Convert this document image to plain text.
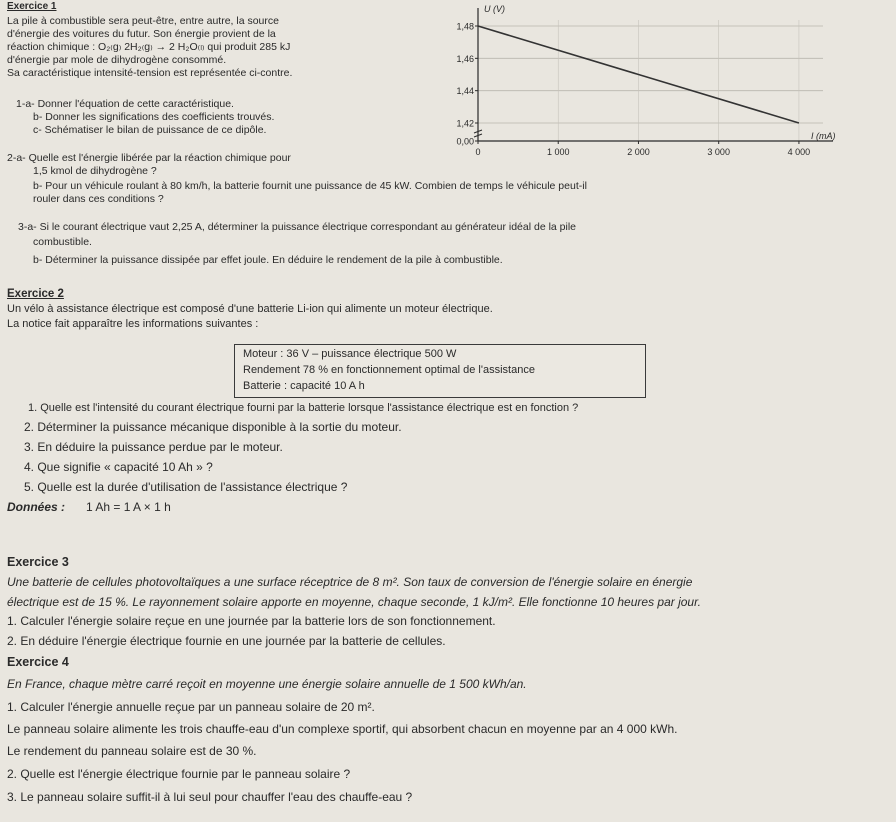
Exercice 1
La pile à combustible sera peut-être, entre autre, la source
d'énergie des voitures du futur. Son énergie provient de la
réaction chimique : O₂₍g₎ 2H₂₍g₎ → 2 H₂O₍ₗ₎ qui produit 285 kJ
d'énergie par mole de dihydrogène consommé.
Sa caractéristique intensité-tension est représentée ci-contre.
1-a- Donner l'équation de cette caractéristique.
b- Donner les significations des coefficients trouvés.
c- Schématiser le bilan de puissance de ce dipôle.
2-a- Quelle est l'énergie libérée par la réaction chimique pour
1,5 kmol de dihydrogène ?
b- Pour un véhicule roulant à 80 km/h, la batterie fournit une puissance de 45 kW. Combien de temps le véhicule peut-il
rouler dans ces conditions ?
3-a- Si le courant électrique vaut 2,25 A, déterminer la puissance électrique correspondant au générateur idéal de la pile
combustible.
b- Déterminer la puissance dissipée par effet joule. En déduire le rendement de la pile à combustible.
0,00
1,42
1,44
1,46
1,48
0	1 000	2 000	3 000	4 000
U (V)
I (mA)
Exercice 2
Un vélo à assistance électrique est composé d'une batterie Li-ion qui alimente un moteur électrique.
La notice fait apparaître les informations suivantes :
Moteur : 36 V – puissance électrique 500 W
Rendement 78 % en fonctionnement optimal de l'assistance
Batterie : capacité 10 A h
1. Quelle est l'intensité du courant électrique fourni par la batterie lorsque l'assistance électrique est en fonction ?
2. Déterminer la puissance mécanique disponible à la sortie du moteur.
3. En déduire la puissance perdue par le moteur.
4. Que signifie « capacité 10 Ah » ?
5. Quelle est la durée d'utilisation de l'assistance électrique ?
Données : 1 Ah = 1 A × 1 h
Exercice 3
Une batterie de cellules photovoltaïques a une surface réceptrice de 8 m². Son taux de conversion de l'énergie solaire en énergie
électrique est de 15 %. Le rayonnement solaire apporte en moyenne, chaque seconde, 1 kJ/m². Elle fonctionne 10 heures par jour.
1. Calculer l'énergie solaire reçue en une journée par la batterie lors de son fonctionnement.
2. En déduire l'énergie électrique fournie en une journée par la batterie de cellules.
Exercice 4
En France, chaque mètre carré reçoit en moyenne une énergie solaire annuelle de 1 500 kWh/an.
1. Calculer l'énergie annuelle reçue par un panneau solaire de 20 m².
Le panneau solaire alimente les trois chauffe-eau d'un complexe sportif, qui absorbent chacun en moyenne par an 4 000 kWh.
Le rendement du panneau solaire est de 30 %.
2. Quelle est l'énergie électrique fournie par le panneau solaire ?
3. Le panneau solaire suffit-il à lui seul pour chauffer l'eau des chauffe-eau ?
